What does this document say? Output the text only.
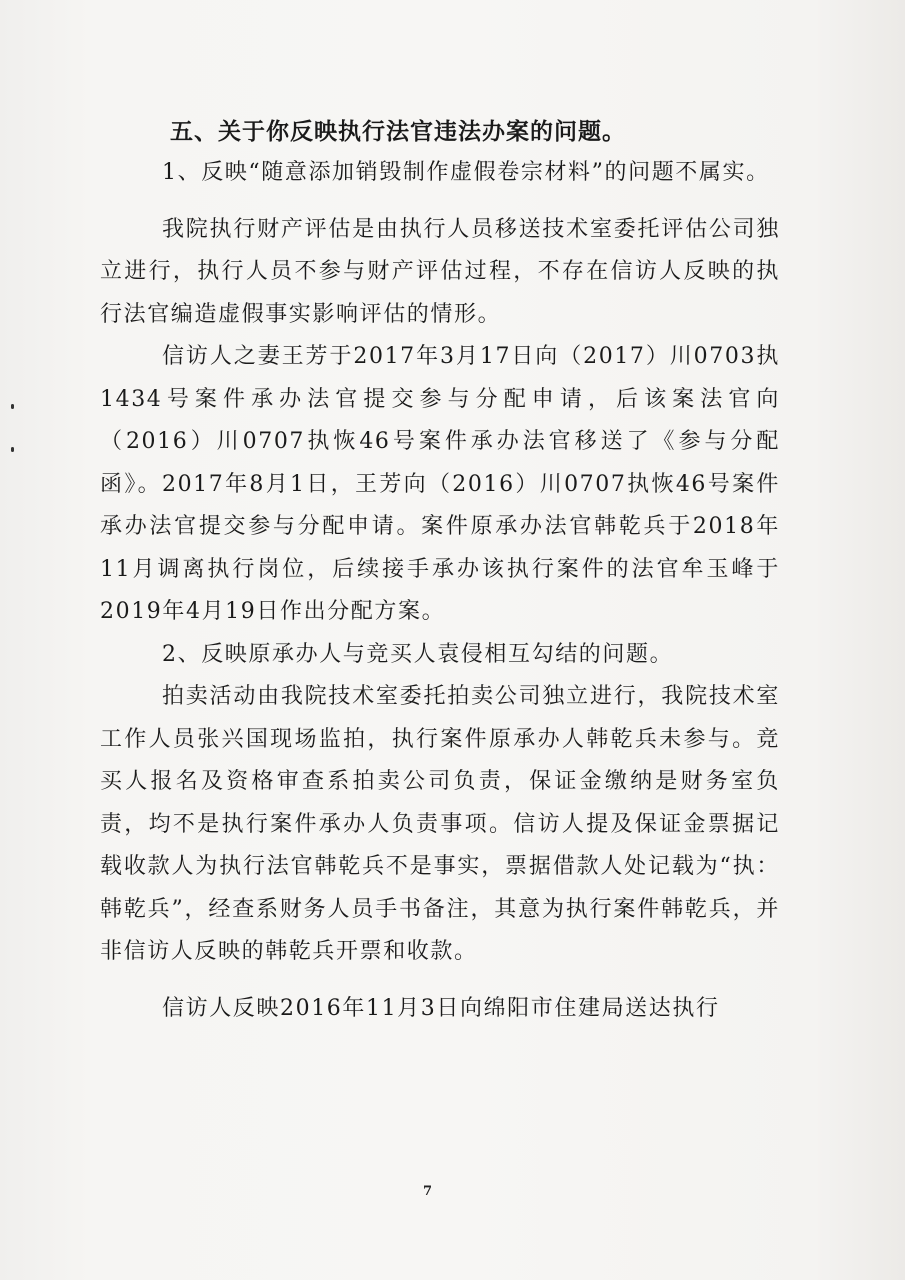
五、关于你反映执行法官违法办案的问题。

1、反映“随意添加销毁制作虚假卷宗材料”的问题不属实。

我院执行财产评估是由执行人员移送技术室委托评估公司独立进行，执行人员不参与财产评估过程，不存在信访人反映的执行法官编造虚假事实影响评估的情形。

信访人之妻王芳于2017年3月17日向（2017）川0703执1434号案件承办法官提交参与分配申请，后该案法官向（2016）川0707执恢46号案件承办法官移送了《参与分配函》。2017年8月1日，王芳向（2016）川0707执恢46号案件承办法官提交参与分配申请。案件原承办法官韩乾兵于2018年11月调离执行岗位，后续接手承办该执行案件的法官牟玉峰于2019年4月19日作出分配方案。

2、反映原承办人与竞买人袁侵相互勾结的问题。

拍卖活动由我院技术室委托拍卖公司独立进行，我院技术室工作人员张兴国现场监拍，执行案件原承办人韩乾兵未参与。竞买人报名及资格审查系拍卖公司负责，保证金缴纳是财务室负责，均不是执行案件承办人负责事项。信访人提及保证金票据记载收款人为执行法官韩乾兵不是事实，票据借款人处记载为“执：韩乾兵”，经查系财务人员手书备注，其意为执行案件韩乾兵，并非信访人反映的韩乾兵开票和收款。

信访人反映2016年11月3日向绵阳市住建局送达执行

7
